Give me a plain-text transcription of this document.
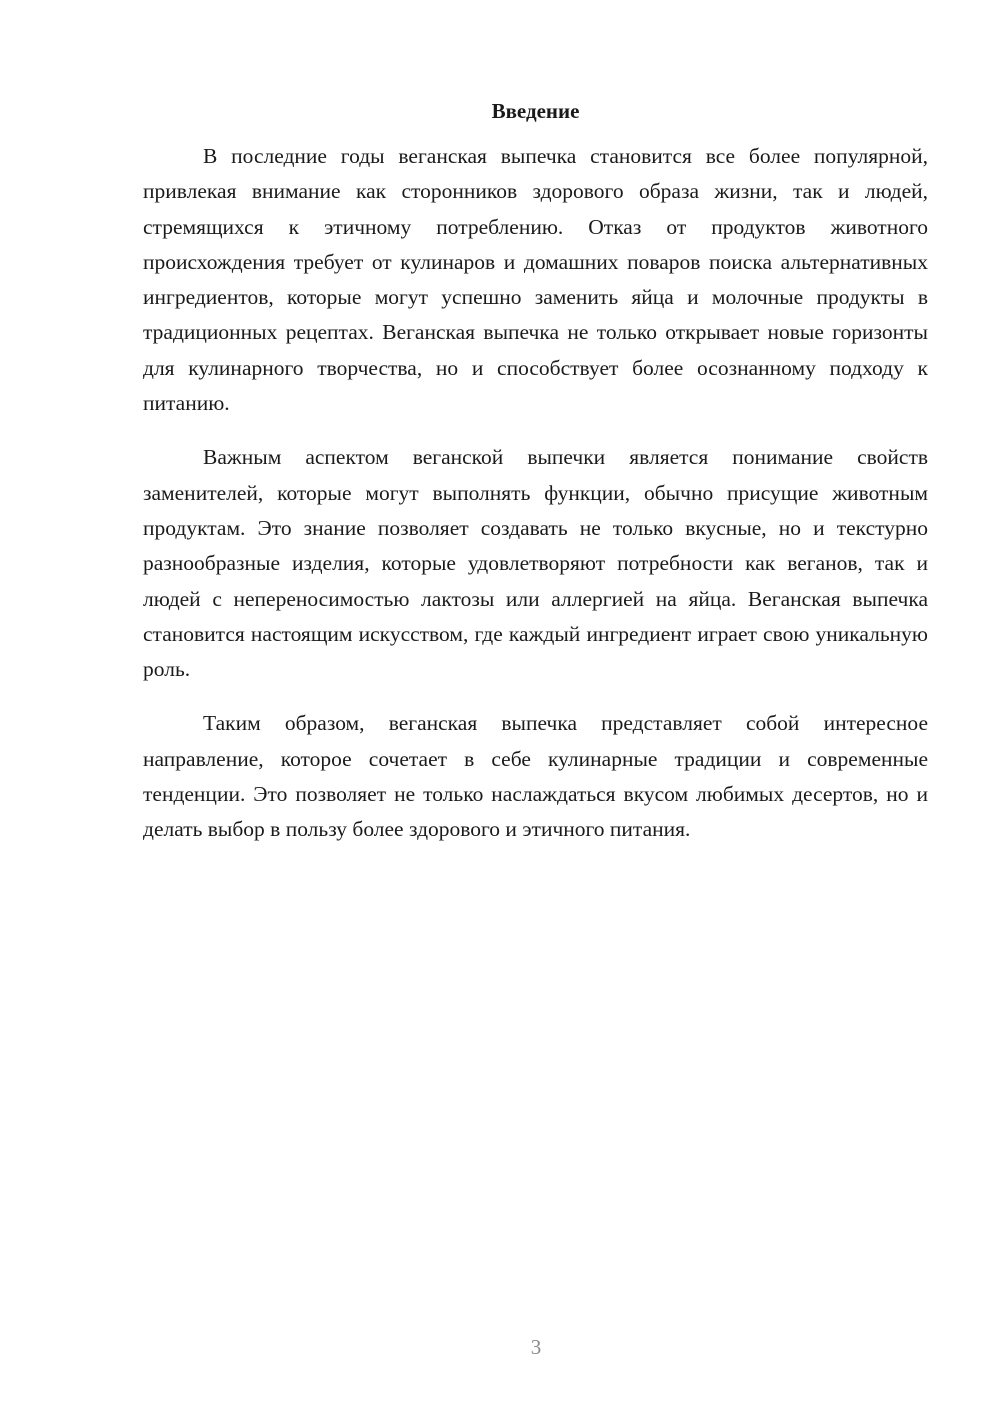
Введение

В последние годы веганская выпечка становится все более популярной, привлекая внимание как сторонников здорового образа жизни, так и людей, стремящихся к этичному потреблению. Отказ от продуктов животного происхождения требует от кулинаров и домашних поваров поиска альтернативных ингредиентов, которые могут успешно заменить яйца и молочные продукты в традиционных рецептах. Веганская выпечка не только открывает новые горизонты для кулинарного творчества, но и способствует более осознанному подходу к питанию.

Важным аспектом веганской выпечки является понимание свойств заменителей, которые могут выполнять функции, обычно присущие животным продуктам. Это знание позволяет создавать не только вкусные, но и текстурно разнообразные изделия, которые удовлетворяют потребности как веганов, так и людей с непереносимостью лактозы или аллергией на яйца. Веганская выпечка становится настоящим искусством, где каждый ингредиент играет свою уникальную роль.

Таким образом, веганская выпечка представляет собой интересное направление, которое сочетает в себе кулинарные традиции и современные тенденции. Это позволяет не только наслаждаться вкусом любимых десертов, но и делать выбор в пользу более здорового и этичного питания.

3
